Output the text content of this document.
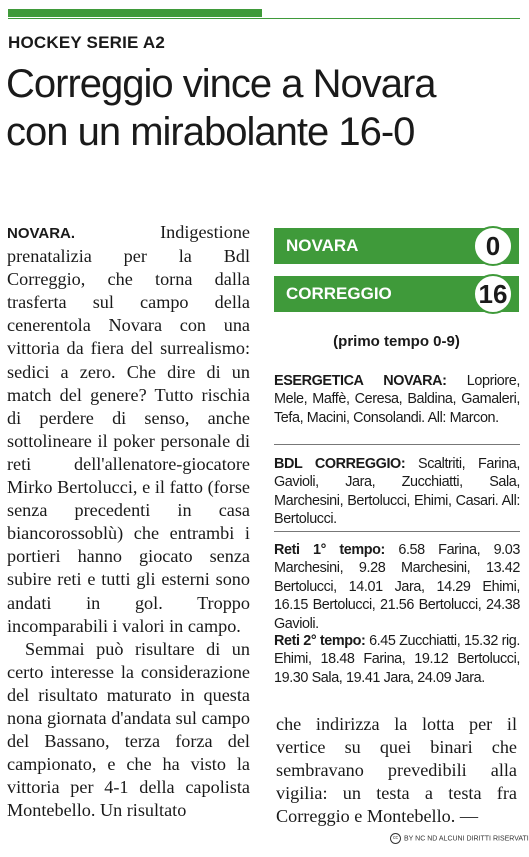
HOCKEY SERIE A2
Correggio vince a Novara
con un mirabolante 16-0

NOVARA.	Indigestione prenatalizia per la Bdl Correggio, che torna dalla trasferta sul campo della cenerentola Novara con una vittoria da fiera del surrealismo: sedici a zero. Che dire di un match del genere? Tutto rischia di perdere di senso, anche sottolineare il poker personale di reti dell'allenatore-giocatore Mirko Bertolucci, e il fatto (forse senza precedenti in casa biancorossoblù) che entrambi i portieri hanno giocato senza subire reti e tutti gli esterni sono andati in gol. Troppo incomparabili i valori in campo.

Semmai può risultare di un certo interesse la considerazione del risultato maturato in questa nona giornata d'andata sul campo del Bassano, terza forza del campionato, e che ha visto la vittoria per 4-1 della capolista Montebello. Un risultato

che indirizza la lotta per il vertice su quei binari che sembravano prevedibili alla vigilia: un testa a testa fra Correggio e Montebello. —

NOVARA	0
CORREGGIO	16
(primo tempo 0-9)
ESERGETICA NOVARA: Lopriore, Mele, Maffè, Ceresa, Baldina, Gamaleri, Tefa, Macini, Consolandi. All: Marcon.
BDL CORREGGIO: Scaltriti, Farina, Gavioli, Jara, Zucchiatti, Sala, Marchesini, Bertolucci, Ehimi, Casari. All: Bertolucci.
Reti 1° tempo: 6.58 Farina, 9.03 Marchesini, 9.28 Marchesini, 13.42 Bertolucci, 14.01 Jara, 14.29 Ehimi, 16.15 Bertolucci, 21.56 Bertolucci, 24.38 Gavioli.
Reti 2° tempo: 6.45 Zucchiatti, 15.32 rig. Ehimi, 18.48 Farina, 19.12 Bertolucci, 19.30 Sala, 19.41 Jara, 24.09 Jara.
cc BY NC ND ALCUNI DIRITTI RISERVATI
